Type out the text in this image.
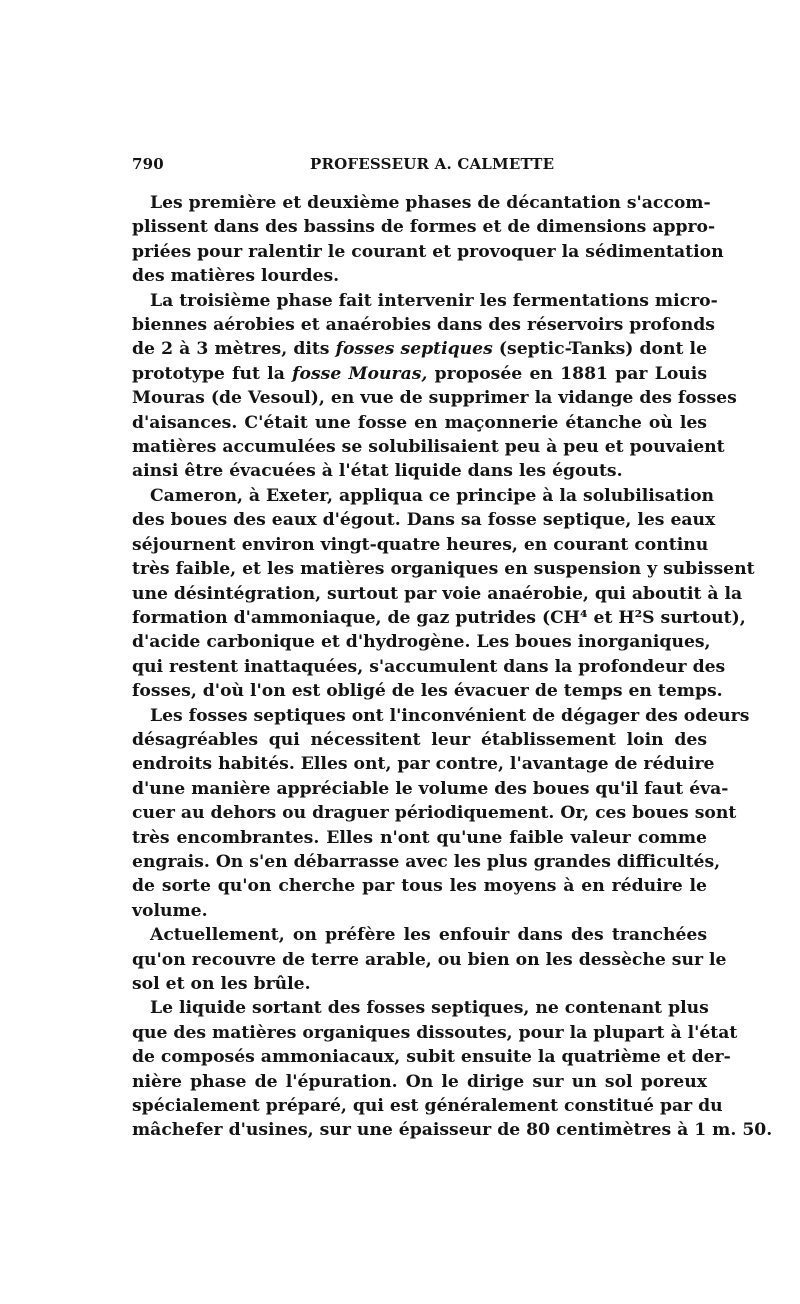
790	PROFESSEUR A. CALMETTE

Les première et deuxième phases de décantation s'accom-
plissent dans des bassins de formes et de dimensions appro-
priées pour ralentir le courant et provoquer la sédimentation
des matières lourdes.

La troisième phase fait intervenir les fermentations micro-
biennes aérobies et anaérobies dans des réservoirs profonds
de 2 à 3 mètres, dits fosses septiques (septic-Tanks) dont le
prototype fut la fosse Mouras, proposée en 1881 par Louis
Mouras (de Vesoul), en vue de supprimer la vidange des fosses
d'aisances. C'était une fosse en maçonnerie étanche où les
matières accumulées se solubilisaient peu à peu et pouvaient
ainsi être évacuées à l'état liquide dans les égouts.

Cameron, à Exeter, appliqua ce principe à la solubilisation
des boues des eaux d'égout. Dans sa fosse septique, les eaux
séjournent environ vingt-quatre heures, en courant continu
très faible, et les matières organiques en suspension y subissent
une désintégration, surtout par voie anaérobie, qui aboutit à la
formation d'ammoniaque, de gaz putrides (CH⁴ et H²S surtout),
d'acide carbonique et d'hydrogène. Les boues inorganiques,
qui restent inattaquées, s'accumulent dans la profondeur des
fosses, d'où l'on est obligé de les évacuer de temps en temps.

Les fosses septiques ont l'inconvénient de dégager des odeurs
désagréables qui nécessitent leur établissement loin des
endroits habités. Elles ont, par contre, l'avantage de réduire
d'une manière appréciable le volume des boues qu'il faut éva-
cuer au dehors ou draguer périodiquement. Or, ces boues sont
très encombrantes. Elles n'ont qu'une faible valeur comme
engrais. On s'en débarrasse avec les plus grandes difficultés,
de sorte qu'on cherche par tous les moyens à en réduire le
volume.

Actuellement, on préfère les enfouir dans des tranchées
qu'on recouvre de terre arable, ou bien on les dessèche sur le
sol et on les brûle.

Le liquide sortant des fosses septiques, ne contenant plus
que des matières organiques dissoutes, pour la plupart à l'état
de composés ammoniacaux, subit ensuite la quatrième et der-
nière phase de l'épuration. On le dirige sur un sol poreux
spécialement préparé, qui est généralement constitué par du
mâchefer d'usines, sur une épaisseur de 80 centimètres à 1 m. 50.
